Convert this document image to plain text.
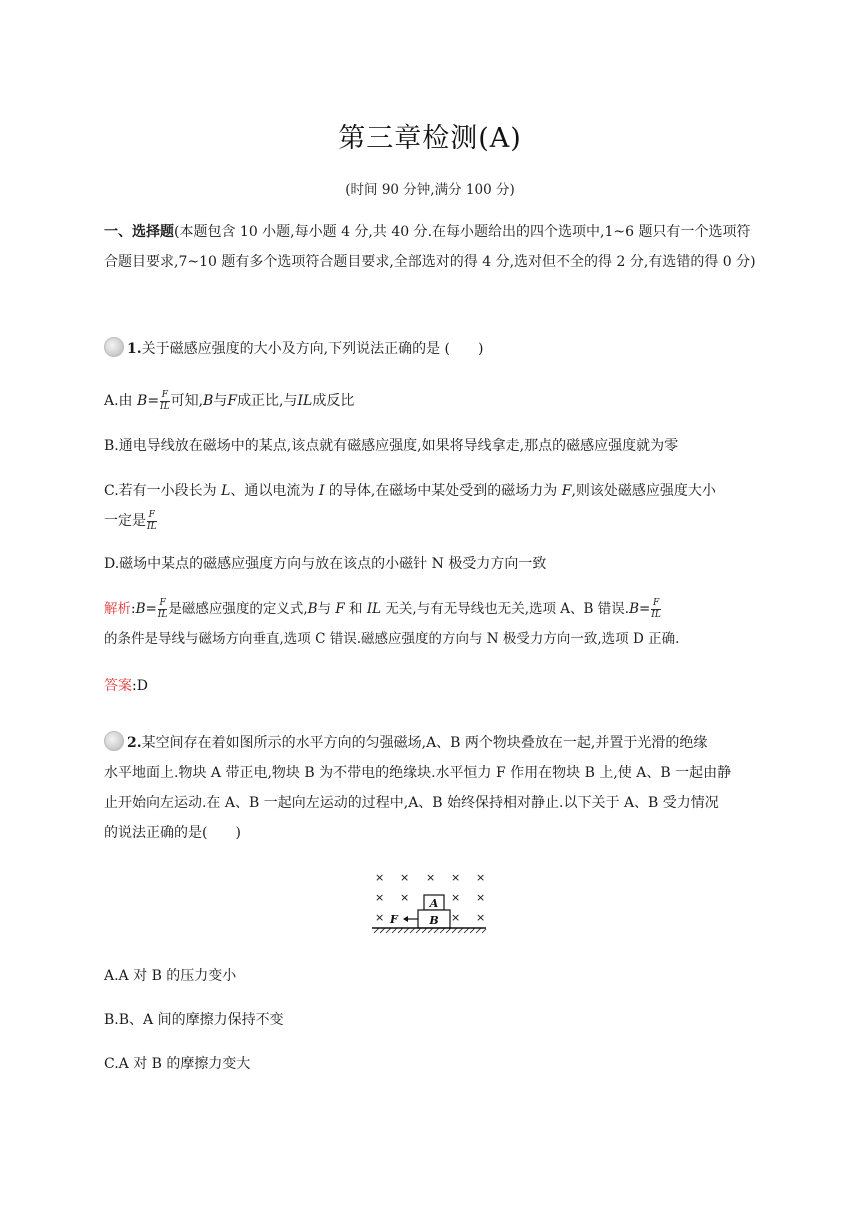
第三章检测(A)
(时间 90 分钟,满分 100 分)
一、选择题(本题包含 10 小题,每小题 4 分,共 40 分.在每小题给出的四个选项中,1~6 题只有一个选项符合题目要求,7~10 题有多个选项符合题目要求,全部选对的得 4 分,选对但不全的得 2 分,有选错的得 0 分)
1.关于磁感应强度的大小及方向,下列说法正确的是 (　　)
A.由 $B= \frac{F}{IL}$ 可知,B与F成正比,与IL成反比
B.通电导线放在磁场中的某点,该点就有磁感应强度,如果将导线拿走,那点的磁感应强度就为零
C.若有一小段长为 L、通以电流为 I 的导体,在磁场中某处受到的磁场力为 F,则该处磁感应强度大小
一定是 $\frac{F}{IL}$
D.磁场中某点的磁感应强度方向与放在该点的小磁针 N 极受力方向一致
解析:B= $\frac{F}{IL}$ 是磁感应强度的定义式,B与 F 和 IL 无关,与有无导线也无关,选项 A、B 错误$.B= \frac{F}{IL}$

的条件是导线与磁场方向垂直,选项 C 错误.磁感应强度的方向与 N 极受力方向一致,选项 D 正确.
答案:D
2.某空间存在着如图所示的水平方向的匀强磁场,A、B 两个物块叠放在一起,并置于光滑的绝缘
水平地面上.物块 A 带正电,物块 B 为不带电的绝缘块.水平恒力 F 作用在物块 B 上,使 A、B 一起由静
止开始向左运动.在 A、B 一起向左运动的过程中,A、B 始终保持相对静止.以下关于 A、B 受力情况
的说法正确的是(　　)
× × × × ×
× ×	× ×
×	× ×
A
B
F
A.A 对 B 的压力变小
B.B、A 间的摩擦力保持不变
C.A 对 B 的摩擦力变大
